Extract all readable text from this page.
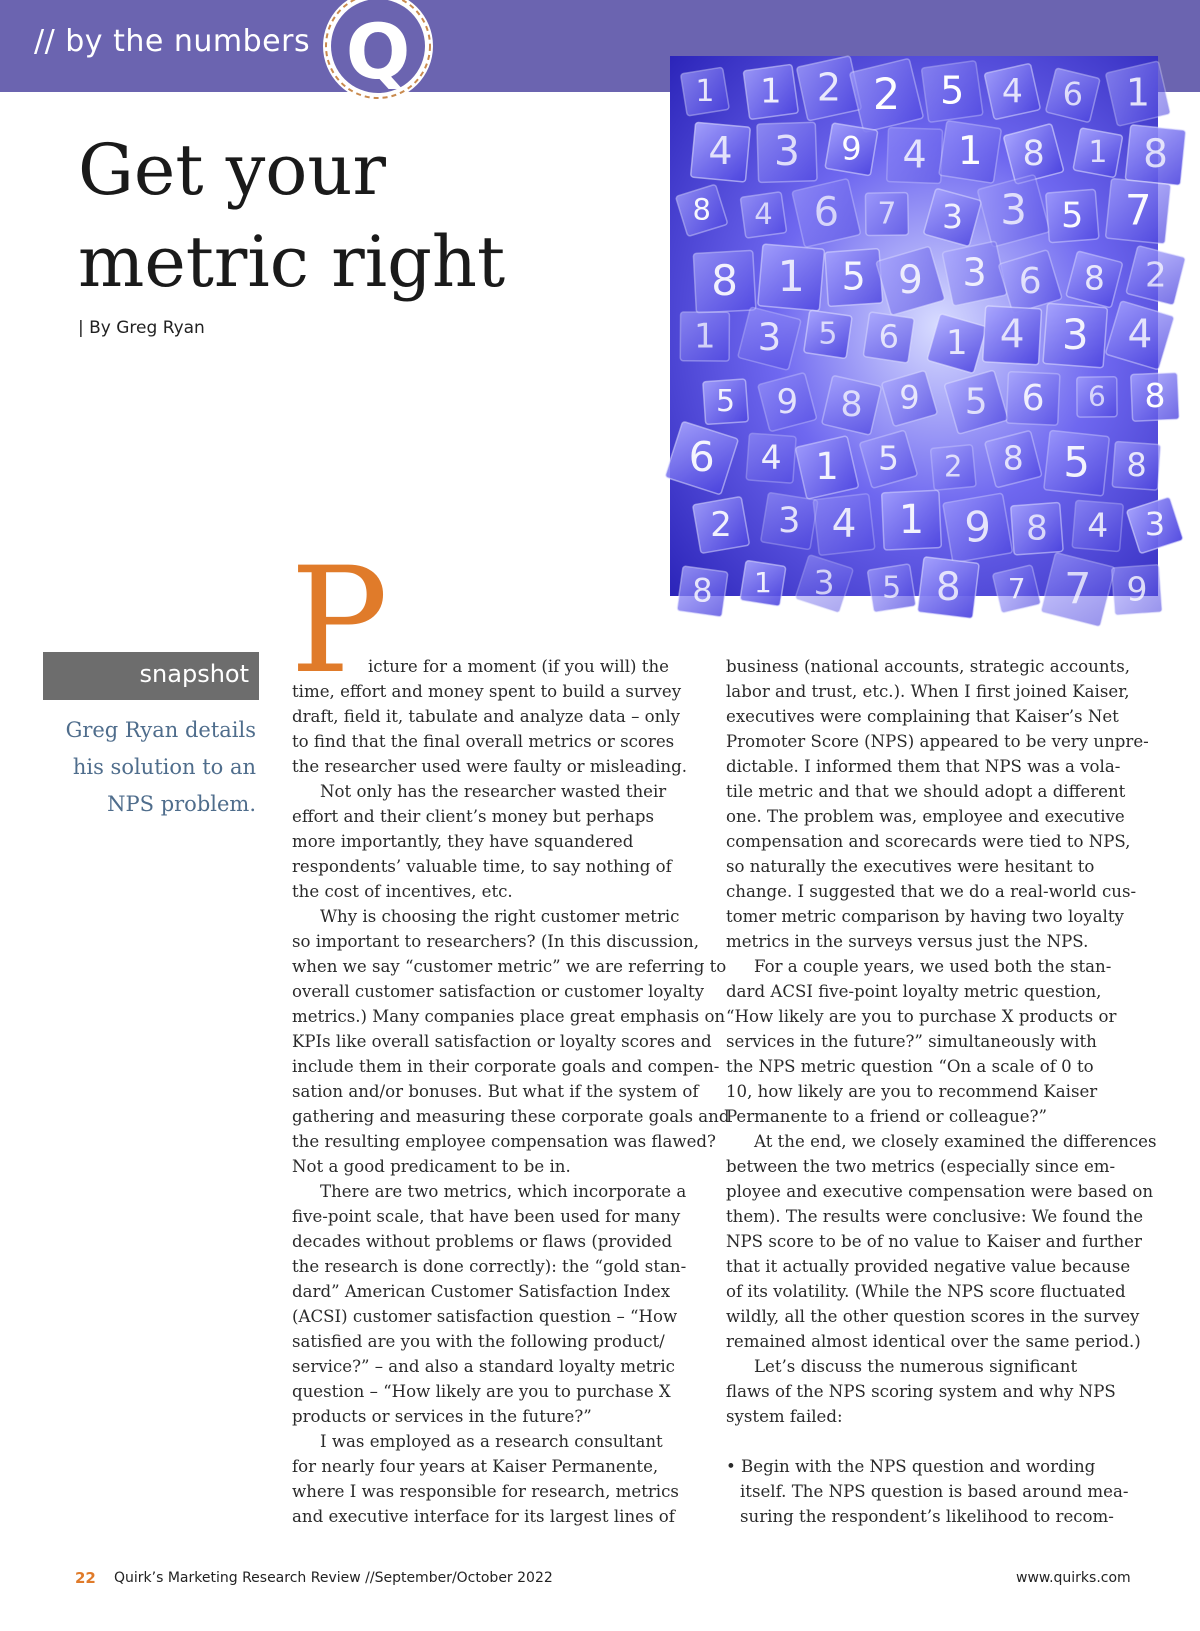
// by the numbers Q
Get your metric right
| By Greg Ryan
1 1 2 2 5 4 6 1
4 3 9 4 1 8 1 8
8 4 6 7 3 3 5 7
8 1 5 9 3 6 8 2
1 3 5 6 1 4 3 4
5 9 8 9 5 6 6 8
6 4 1 5 2 8 5 8
2 3 4 1 9 8 4 3
8 1 3 5 8 7 7 9
snapshot
Greg Ryan details his solution to an NPS problem.
P

icture for a moment (if you will) the

time, effort and money spent to build a survey

draft, field it, tabulate and analyze data – only

to find that the final overall metrics or scores

the researcher used were faulty or misleading.

Not only has the researcher wasted their

effort and their client’s money but perhaps

more importantly, they have squandered

respondents’ valuable time, to say nothing of

the cost of incentives, etc.

Why is choosing the right customer metric

so important to researchers? (In this discussion,

when we say “customer metric” we are referring to

overall customer satisfaction or customer loyalty

metrics.) Many companies place great emphasis on

KPIs like overall satisfaction or loyalty scores and

include them in their corporate goals and compen-

sation and/or bonuses. But what if the system of

gathering and measuring these corporate goals and

the resulting employee compensation was flawed?

Not a good predicament to be in.

There are two metrics, which incorporate a

five-point scale, that have been used for many

decades without problems or flaws (provided

the research is done correctly): the “gold stan-

dard” American Customer Satisfaction Index

(ACSI) customer satisfaction question – “How

satisfied are you with the following product/

service?” – and also a standard loyalty metric

question – “How likely are you to purchase X

products or services in the future?”

I was employed as a research consultant

for nearly four years at Kaiser Permanente,

where I was responsible for research, metrics

and executive interface for its largest lines of

business (national accounts, strategic accounts,

labor and trust, etc.). When I first joined Kaiser,

executives were complaining that Kaiser’s Net

Promoter Score (NPS) appeared to be very unpre-

dictable. I informed them that NPS was a vola-

tile metric and that we should adopt a different

one. The problem was, employee and executive

compensation and scorecards were tied to NPS,

so naturally the executives were hesitant to

change. I suggested that we do a real-world cus-

tomer metric comparison by having two loyalty

metrics in the surveys versus just the NPS.

For a couple years, we used both the stan-

dard ACSI five-point loyalty metric question,

“How likely are you to purchase X products or

services in the future?” simultaneously with

the NPS metric question “On a scale of 0 to

10, how likely are you to recommend Kaiser

Permanente to a friend or colleague?”

At the end, we closely examined the differences

between the two metrics (especially since em-

ployee and executive compensation were based on

them). The results were conclusive: We found the

NPS score to be of no value to Kaiser and further

that it actually provided negative value because

of its volatility. (While the NPS score fluctuated

wildly, all the other question scores in the survey

remained almost identical over the same period.)

Let’s discuss the numerous significant

flaws of the NPS scoring system and why NPS

system failed:

• Begin with the NPS question and wording

itself. The NPS question is based around mea-

suring the respondent’s likelihood to recom-

22 Quirk’s Marketing Research Review //September/October 2022	www.quirks.com
